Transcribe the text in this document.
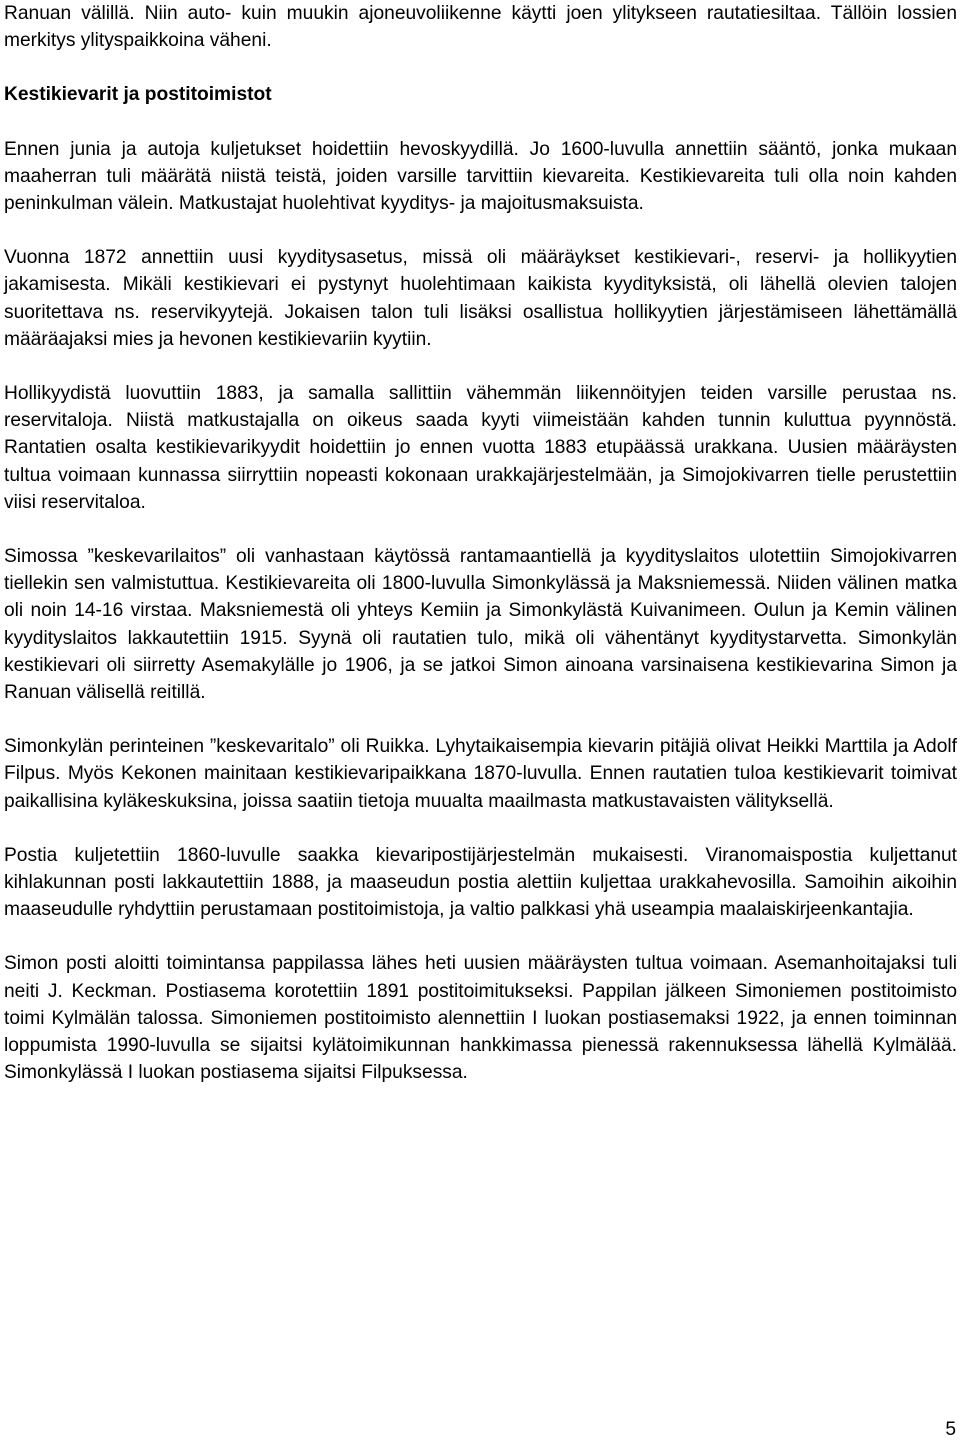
Ranuan välillä. Niin auto- kuin muukin ajoneuvoliikenne käytti joen ylitykseen rautatiesiltaa. Tällöin lossien merkitys ylityspaikkoina väheni.

Kestikievarit ja postitoimistot

Ennen junia ja autoja kuljetukset hoidettiin hevoskyydillä. Jo 1600-luvulla annettiin sääntö, jonka mukaan maaherran tuli määrätä niistä teistä, joiden varsille tarvittiin kievareita. Kestikievareita tuli olla noin kahden peninkulman välein. Matkustajat huolehtivat kyyditys- ja majoitusmaksuista.

Vuonna 1872 annettiin uusi kyyditysasetus, missä oli määräykset kestikievari-, reservi- ja hollikyytien jakamisesta. Mikäli kestikievari ei pystynyt huolehtimaan kaikista kyydityksistä, oli lähellä olevien talojen suoritettava ns. reservikyytejä. Jokaisen talon tuli lisäksi osallistua hollikyytien järjestämiseen lähettämällä määräajaksi mies ja hevonen kestikievariin kyytiin.

Hollikyydistä luovuttiin 1883, ja samalla sallittiin vähemmän liikennöityjen teiden varsille perustaa ns. reservitaloja. Niistä matkustajalla on oikeus saada kyyti viimeistään kahden tunnin kuluttua pyynnöstä. Rantatien osalta kestikievarikyydit hoidettiin jo ennen vuotta 1883 etupäässä urakkana. Uusien määräysten tultua voimaan kunnassa siirryttiin nopeasti kokonaan urakkajärjestelmään, ja Simojokivarren tielle perustettiin viisi reservitaloa.

Simossa ”keskevarilaitos” oli vanhastaan käytössä rantamaantiellä ja kyydityslaitos ulotettiin Simojokivarren tiellekin sen valmistuttua. Kestikievareita oli 1800-luvulla Simonkylässä ja Maksniemessä. Niiden välinen matka oli noin 14-16 virstaa. Maksniemestä oli yhteys Kemiin ja Simonkylästä Kuivanimeen. Oulun ja Kemin välinen kyydityslaitos lakkautettiin 1915. Syynä oli rautatien tulo, mikä oli vähentänyt kyyditystarvetta. Simonkylän kestikievari oli siirretty Asemakylälle jo 1906, ja se jatkoi Simon ainoana varsinaisena kestikievarina Simon ja Ranuan välisellä reitillä.

Simonkylän perinteinen ”keskevaritalo” oli Ruikka. Lyhytaikaisempia kievarin pitäjiä olivat Heikki Marttila ja Adolf Filpus. Myös Kekonen mainitaan kestikievaripaikkana 1870-luvulla. Ennen rautatien tuloa kestikievarit toimivat paikallisina kyläkeskuksina, joissa saatiin tietoja muualta maailmasta matkustavaisten välityksellä.

Postia kuljetettiin 1860-luvulle saakka kievaripostijärjestelmän mukaisesti. Viranomaispostia kuljettanut kihlakunnan posti lakkautettiin 1888, ja maaseudun postia alettiin kuljettaa urakkahevosilla. Samoihin aikoihin maaseudulle ryhdyttiin perustamaan postitoimistoja, ja valtio palkkasi yhä useampia maalaiskirjeenkantajia.

Simon posti aloitti toimintansa pappilassa lähes heti uusien määräysten tultua voimaan. Asemanhoitajaksi tuli neiti J. Keckman. Postiasema korotettiin 1891 postitoimitukseksi. Pappilan jälkeen Simoniemen postitoimisto toimi Kylmälän talossa. Simoniemen postitoimisto alennettiin I luokan postiasemaksi 1922, ja ennen toiminnan loppumista 1990-luvulla se sijaitsi kylätoimikunnan hankkimassa pienessä rakennuksessa lähellä Kylmälää. Simonkylässä I luokan postiasema sijaitsi Filpuksessa.

5
